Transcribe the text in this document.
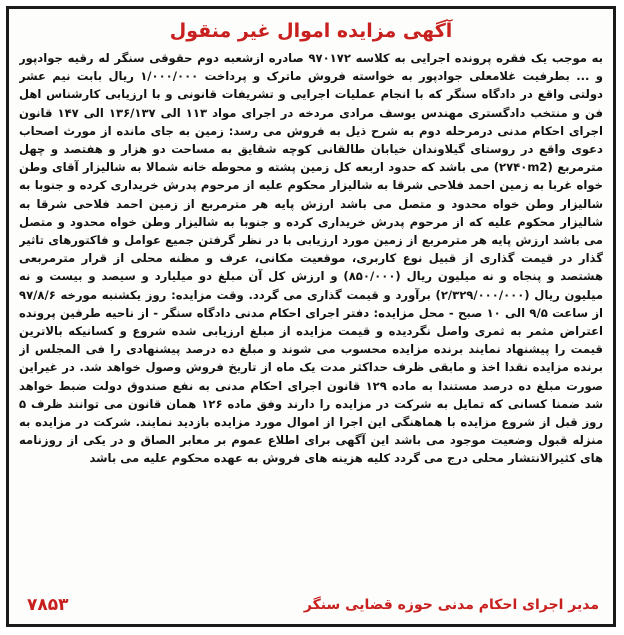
آگهی مزایده اموال غیر منقول

به موجب یک فقره پرونده اجرایی به کلاسه ۹۷۰۱۷۲ صادره ازشعبه دوم حقوقی سنگر له رقیه جوادپور و ... بطرفیت غلامعلی جوادپور به خواسته فروش ماترک و پرداخت ۱/۰۰۰/۰۰۰ ریال بابت نیم عشر دولتی واقع در دادگاه سنگر که با انجام عملیات اجرایی و تشریفات قانونی و با ارزیابی کارشناس اهل فن و منتخب دادگستری مهندس یوسف مرادی مردخه در اجرای مواد ۱۱۳ الی ۱۳۶/۱۳۷ الی ۱۴۷ قانون اجرای احکام مدنی درمرحله دوم به شرح ذیل به فروش می رسد: زمین به جای مانده از مورث اصحاب دعوی واقع در روستای گیلاوندان خیابان طالقانی کوچه شقایق به مساحت دو هزار و هفتصد و چهل مترمربع (۲۷۴۰m2) می باشد که حدود اربعه کل زمین پشته و محوطه خانه شمالا به شالیزار آقای وطن خواه غربا به زمین احمد فلاحی شرقا به شالیزار محکوم علیه از مرحوم پدرش خریداری کرده و جنوبا به شالیزار وطن خواه محدود و متصل می باشد ارزش پایه هر مترمربع از زمین احمد فلاحی شرقا به شالیزار محکوم علیه که از مرحوم پدرش خریداری کرده و جنوبا به شالیزار وطن خواه محدود و متصل می باشد ارزش پایه هر مترمربع از زمین مورد ارزیابی با در نظر گرفتن جمیع عوامل و فاکتورهای تاثیر گذار در قیمت گذاری از قبیل نوع کاربری، موقعیت مکانی، عرف و مظنه محلی از قرار مترمربعی هشتصد و پنجاه و نه میلیون ریال (۸۵۰/۰۰۰) و ارزش کل آن مبلغ دو میلیارد و سیصد و بیست و نه میلیون ریال (۲/۳۲۹/۰۰۰/۰۰۰) برآورد و قیمت گذاری می گردد. وقت مزایده: روز یکشنبه مورخه ۹۷/۸/۶ از ساعت ۹/۵ الی ۱۰ صبح - محل مزایده: دفتر اجرای احکام مدنی دادگاه سنگر - از ناحیه طرفین پرونده اعتراض مثمر به ثمری واصل نگردیده و قیمت مزایده از مبلغ ارزیابی شده شروع و کسانیکه بالاترین قیمت را پیشنهاد نمایند برنده مزایده محسوب می شوند و مبلغ ده درصد پیشنهادی را فی المجلس از برنده مزایده نقدا اخذ و مابقی ظرف حداکثر مدت یک ماه از تاریخ فروش وصول خواهد شد. در غیراین صورت مبلغ ده درصد مستندا به ماده ۱۲۹ قانون اجرای احکام مدنی به نفع صندوق دولت ضبط خواهد شد ضمنا کسانی که تمایل به شرکت در مزایده را دارند وفق ماده ۱۲۶ همان قانون می توانند ظرف ۵ روز قبل از شروع مزایده با هماهنگی این اجرا از اموال مورد مزایده بازدید نمایند. شرکت در مزایده به منزله قبول وضعیت موجود می باشد این آگهی برای اطلاع عموم بر معابر الصاق و در یکی از روزنامه های کثیرالانتشار محلی درج می گردد کلیه هزینه های فروش به عهده محکوم علیه می باشد

۷۸۵۳	مدیر اجرای احکام مدنی حوزه قضایی سنگر
